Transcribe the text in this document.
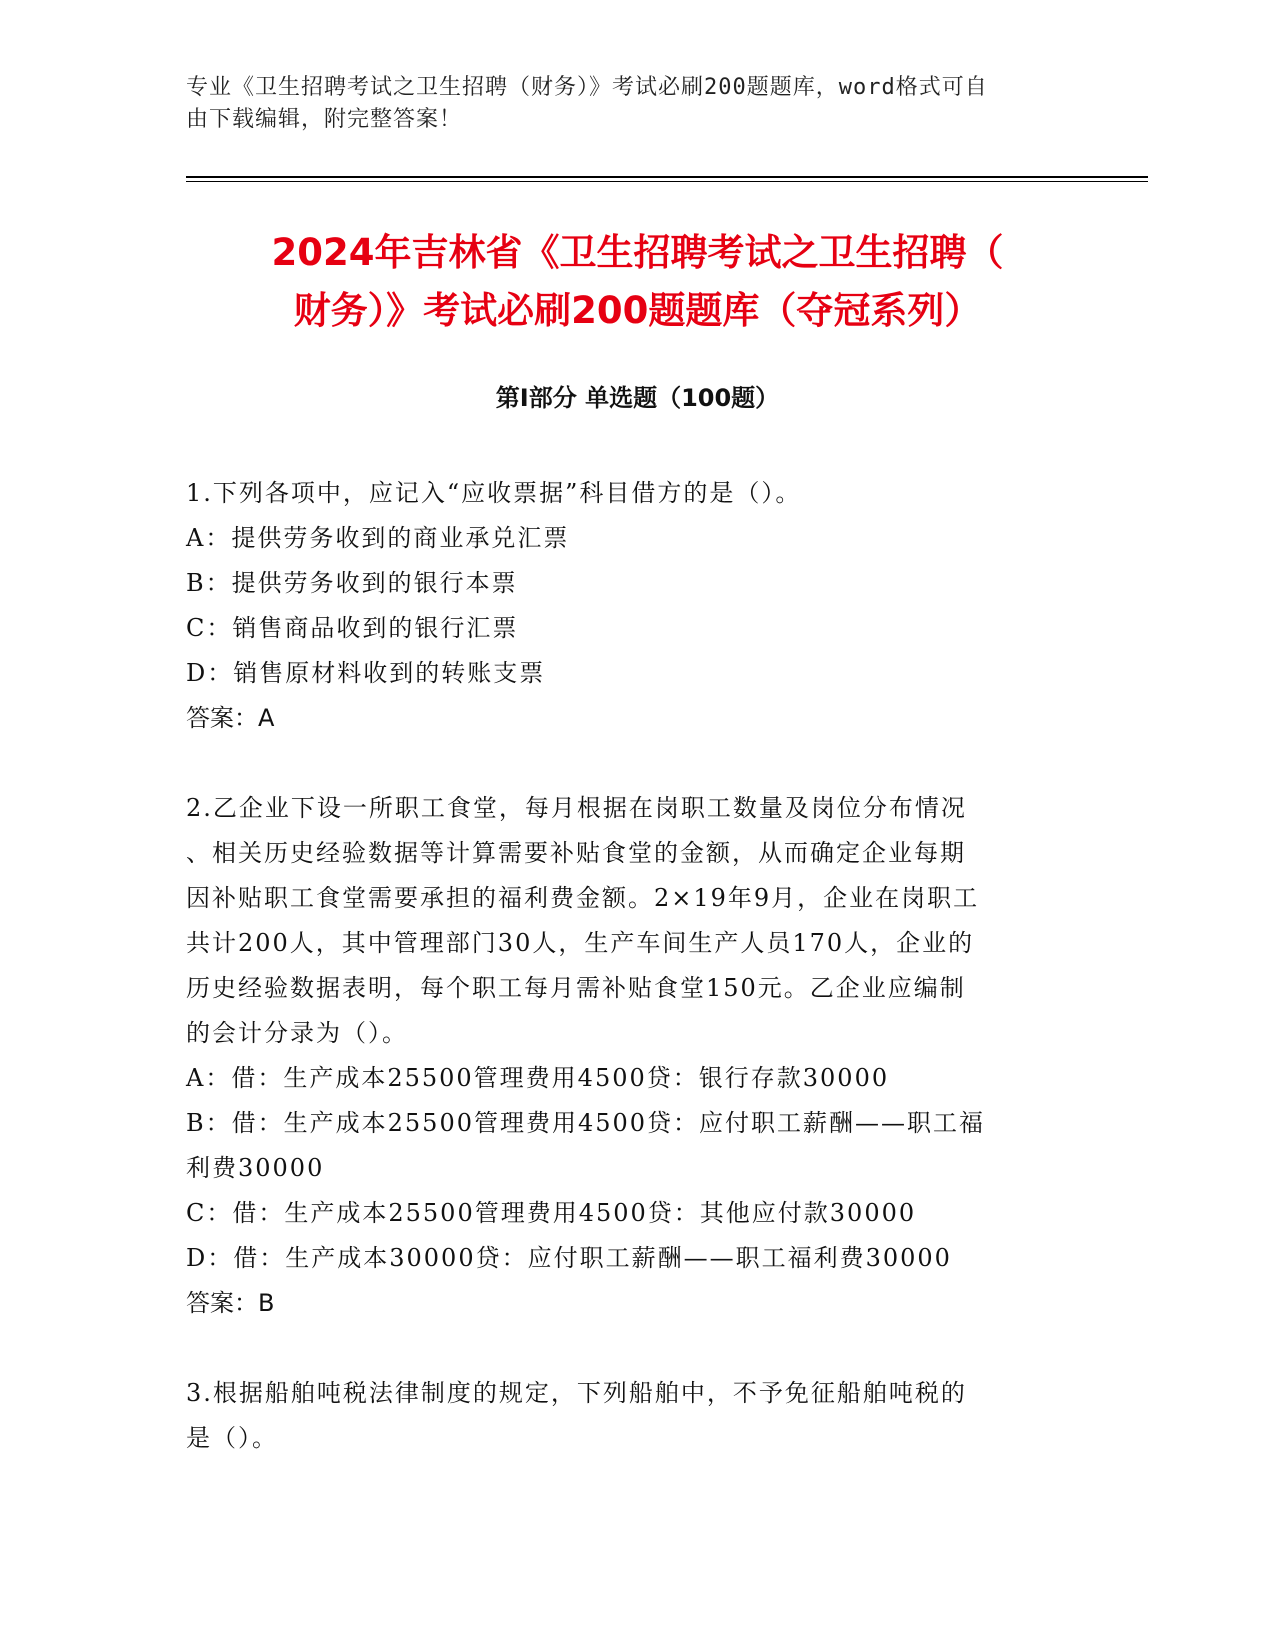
专业《卫生招聘考试之卫生招聘（财务）》考试必刷200题题库，word格式可自
由下载编辑，附完整答案！
2024年吉林省《卫生招聘考试之卫生招聘（
财务）》考试必刷200题题库（夺冠系列）
第Ⅰ部分 单选题（100题）
1.下列各项中，应记入“应收票据”科目借方的是（）。
A：提供劳务收到的商业承兑汇票
B：提供劳务收到的银行本票
C：销售商品收到的银行汇票
D：销售原材料收到的转账支票
答案：A
2.乙企业下设一所职工食堂，每月根据在岗职工数量及岗位分布情况
、相关历史经验数据等计算需要补贴食堂的金额，从而确定企业每期
因补贴职工食堂需要承担的福利费金额。2×19年9月，企业在岗职工
共计200人，其中管理部门30人，生产车间生产人员170人，企业的
历史经验数据表明，每个职工每月需补贴食堂150元。乙企业应编制
的会计分录为（）。
A：借：生产成本25500管理费用4500贷：银行存款30000
B：借：生产成本25500管理费用4500贷：应付职工薪酬——职工福
利费30000
C：借：生产成本25500管理费用4500贷：其他应付款30000
D：借：生产成本30000贷：应付职工薪酬——职工福利费30000
答案：B
3.根据船舶吨税法律制度的规定，下列船舶中，不予免征船舶吨税的
是（）。
